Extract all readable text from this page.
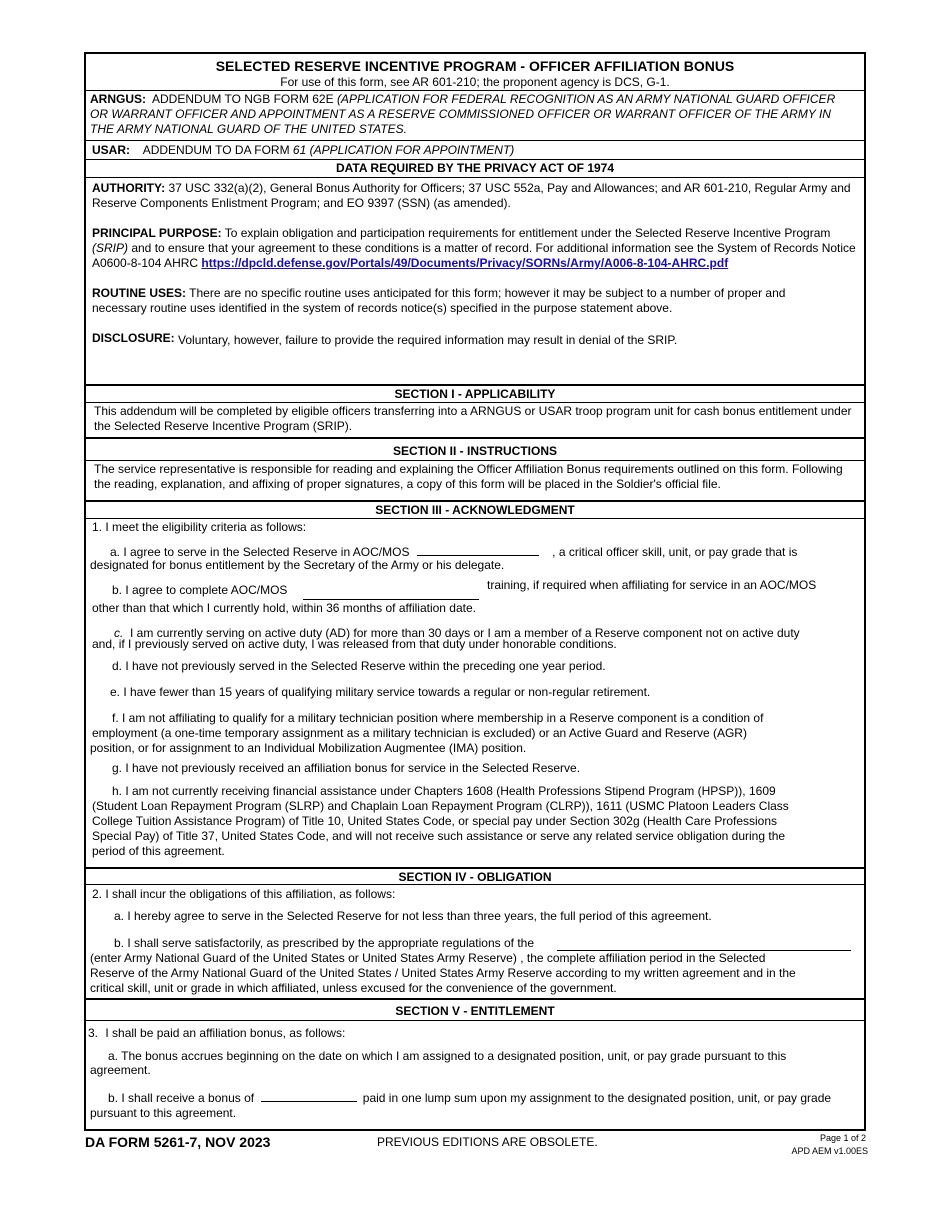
SELECTED RESERVE INCENTIVE PROGRAM - OFFICER AFFILIATION BONUS
For use of this form, see AR 601-210; the proponent agency is DCS, G-1.
ARNGUS: ADDENDUM TO NGB FORM 62E (APPLICATION FOR FEDERAL RECOGNITION AS AN ARMY NATIONAL GUARD OFFICER OR WARRANT OFFICER AND APPOINTMENT AS A RESERVE COMMISSIONED OFFICER OR WARRANT OFFICER OF THE ARMY IN THE ARMY NATIONAL GUARD OF THE UNITED STATES.
USAR: ADDENDUM TO DA FORM 61 (APPLICATION FOR APPOINTMENT)
DATA REQUIRED BY THE PRIVACY ACT OF 1974
AUTHORITY: 37 USC 332(a)(2), General Bonus Authority for Officers; 37 USC 552a, Pay and Allowances; and AR 601-210, Regular Army and Reserve Components Enlistment Program; and EO 9397 (SSN) (as amended).
PRINCIPAL PURPOSE: To explain obligation and participation requirements for entitlement under the Selected Reserve Incentive Program (SRIP) and to ensure that your agreement to these conditions is a matter of record. For additional information see the System of Records Notice A0600-8-104 AHRC https://dpcld.defense.gov/Portals/49/Documents/Privacy/SORNs/Army/A006-8-104-AHRC.pdf
ROUTINE USES: There are no specific routine uses anticipated for this form; however it may be subject to a number of proper and necessary routine uses identified in the system of records notice(s) specified in the purpose statement above.
DISCLOSURE: Voluntary, however, failure to provide the required information may result in denial of the SRIP.
SECTION I - APPLICABILITY
This addendum will be completed by eligible officers transferring into a ARNGUS or USAR troop program unit for cash bonus entitlement under the Selected Reserve Incentive Program (SRIP).
SECTION II - INSTRUCTIONS
The service representative is responsible for reading and explaining the Officer Affiliation Bonus requirements outlined on this form. Following the reading, explanation, and affixing of proper signatures, a copy of this form will be placed in the Soldier's official file.
SECTION III - ACKNOWLEDGMENT
1. I meet the eligibility criteria as follows:
a. I agree to serve in the Selected Reserve in AOC/MOS	, a critical officer skill, unit, or pay grade that is
designated for bonus entitlement by the Secretary of the Army or his delegate.
b. I agree to complete AOC/MOS	training, if required when affiliating for service in an AOC/MOS
other than that which I currently hold, within 36 months of affiliation date.
c. I am currently serving on active duty (AD) for more than 30 days or I am a member of a Reserve component not on active duty
and, if I previously served on active duty, I was released from that duty under honorable conditions.
d. I have not previously served in the Selected Reserve within the preceding one year period.
e. I have fewer than 15 years of qualifying military service towards a regular or non-regular retirement.
f. I am not affiliating to qualify for a military technician position where membership in a Reserve component is a condition of
employment (a one-time temporary assignment as a military technician is excluded) or an Active Guard and Reserve (AGR)
position, or for assignment to an Individual Mobilization Augmentee (IMA) position.
g. I have not previously received an affiliation bonus for service in the Selected Reserve.
h. I am not currently receiving financial assistance under Chapters 1608 (Health Professions Stipend Program (HPSP)), 1609
(Student Loan Repayment Program (SLRP) and Chaplain Loan Repayment Program (CLRP)), 1611 (USMC Platoon Leaders Class
College Tuition Assistance Program) of Title 10, United States Code, or special pay under Section 302g (Health Care Professions
Special Pay) of Title 37, United States Code, and will not receive such assistance or serve any related service obligation during the
period of this agreement.
SECTION IV - OBLIGATION
2. I shall incur the obligations of this affiliation, as follows:
a. I hereby agree to serve in the Selected Reserve for not less than three years, the full period of this agreement.
b. I shall serve satisfactorily, as prescribed by the appropriate regulations of the
(enter Army National Guard of the United States or United States Army Reserve) , the complete affiliation period in the Selected
Reserve of the Army National Guard of the United States / United States Army Reserve according to my written agreement and in the
critical skill, unit or grade in which affiliated, unless excused for the convenience of the government.
SECTION V - ENTITLEMENT
3. I shall be paid an affiliation bonus, as follows:
a. The bonus accrues beginning on the date on which I am assigned to a designated position, unit, or pay grade pursuant to this
agreement.
b. I shall receive a bonus of	paid in one lump sum upon my assignment to the designated position, unit, or pay grade
pursuant to this agreement.
DA FORM 5261-7, NOV 2023	PREVIOUS EDITIONS ARE OBSOLETE.	Page 1 of 2
APD AEM v1.00ES
